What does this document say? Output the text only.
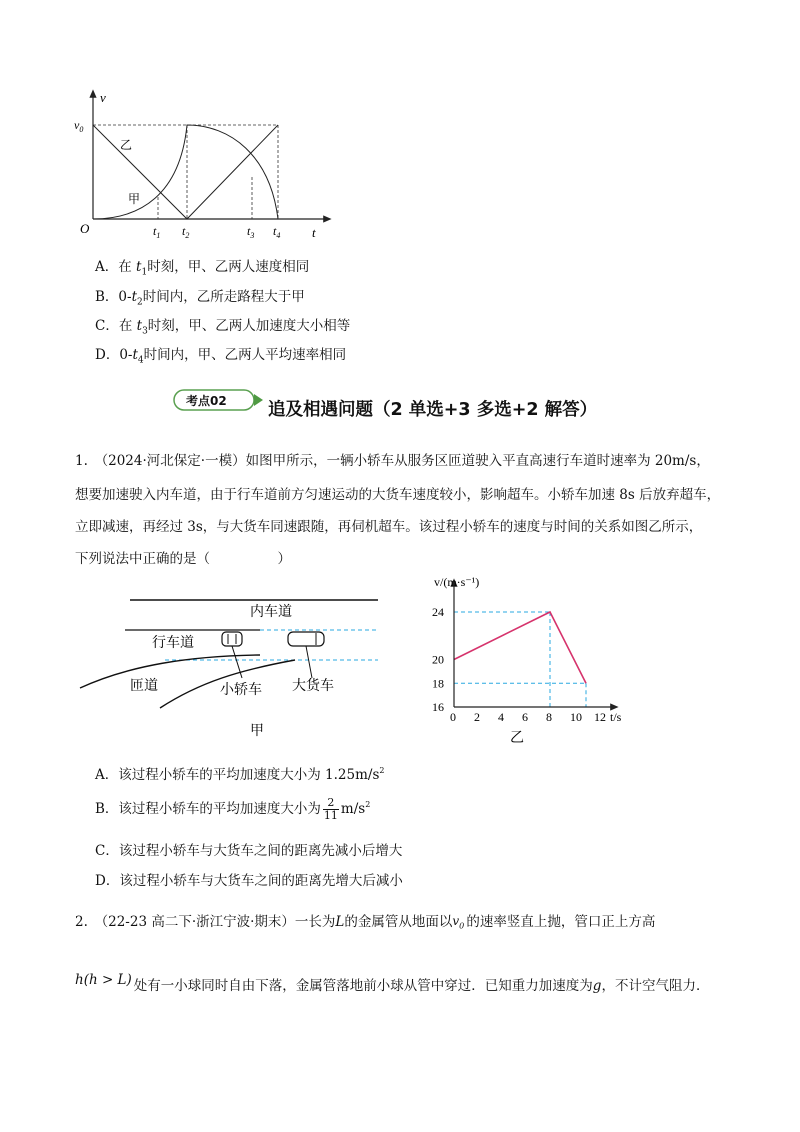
v
t
O
$v_0$
乙
甲
$t_1$ $t_2$	$t_3$ $t_4$
A．在 $t_1$时刻，甲、乙两人速度相同
B．$0-t_2$时间内，乙所走路程大于甲
C．在 $t_3$时刻，甲、乙两人加速度大小相等
D．$0-t_4$时间内，甲、乙两人平均速率相同
考点02 追及相遇问题（2 单选+3 多选+2 解答）
1.　（2024·河北保定·一模）如图甲所示，一辆小轿车从服务区匝道驶入平直高速行车道时速率为 20m/s，
想要加速驶入内车道，由于行车道前方匀速运动的大货车速度较小，影响超车。小轿车加速 8s 后放弃超车，
立即减速，再经过 3s，与大货车同速跟随，再伺机超车。该过程小轿车的速度与时间的关系如图乙所示，
下列说法中正确的是（　　　　　）
内车道
行车道
匝道	小轿车 大货车
甲
0 2 4 6 8 10 12
16
18
20
24
v/(m·s⁻¹)
t/s
乙
A．该过程小轿车的平均加速度大小为 $1.25m/s^2$
B．该过程小轿车的平均加速度大小为 $\frac{2}{11} m/s^2$
C．该过程小轿车与大货车之间的距离先减小后增大
D．该过程小轿车与大货车之间的距离先增大后减小
2.　（22-23 高二下·浙江宁波·期末）一长为L的金属管从地面以 $v_0$ 的速率竖直上抛，管口正上方高
h(h > L) 处有一小球同时自由下落，金属管落地前小球从管中穿过．已知重力加速度为g，不计空气阻力．
